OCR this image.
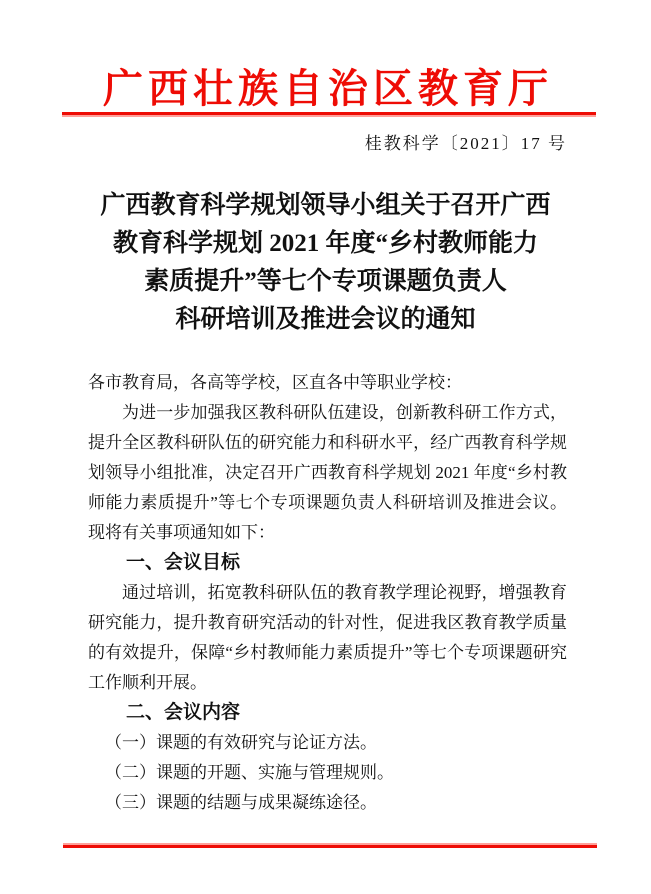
广西壮族自治区教育厅
桂教科学〔2021〕17 号
广西教育科学规划领导小组关于召开广西
教育科学规划 2021 年度“乡村教师能力
素质提升”等七个专项课题负责人
科研培训及推进会议的通知

各市教育局，各高等学校，区直各中等职业学校：

为进一步加强我区教科研队伍建设，创新教科研工作方式，提升全区教科研队伍的研究能力和科研水平，经广西教育科学规划领导小组批准，决定召开广西教育科学规划 2021 年度“乡村教师能力素质提升”等七个专项课题负责人科研培训及推进会议。现将有关事项通知如下：

一、会议目标

通过培训，拓宽教科研队伍的教育教学理论视野，增强教育研究能力，提升教育研究活动的针对性，促进我区教育教学质量的有效提升，保障“乡村教师能力素质提升”等七个专项课题研究工作顺利开展。

二、会议内容

（一）课题的有效研究与论证方法。

（二）课题的开题、实施与管理规则。

（三）课题的结题与成果凝练途径。
